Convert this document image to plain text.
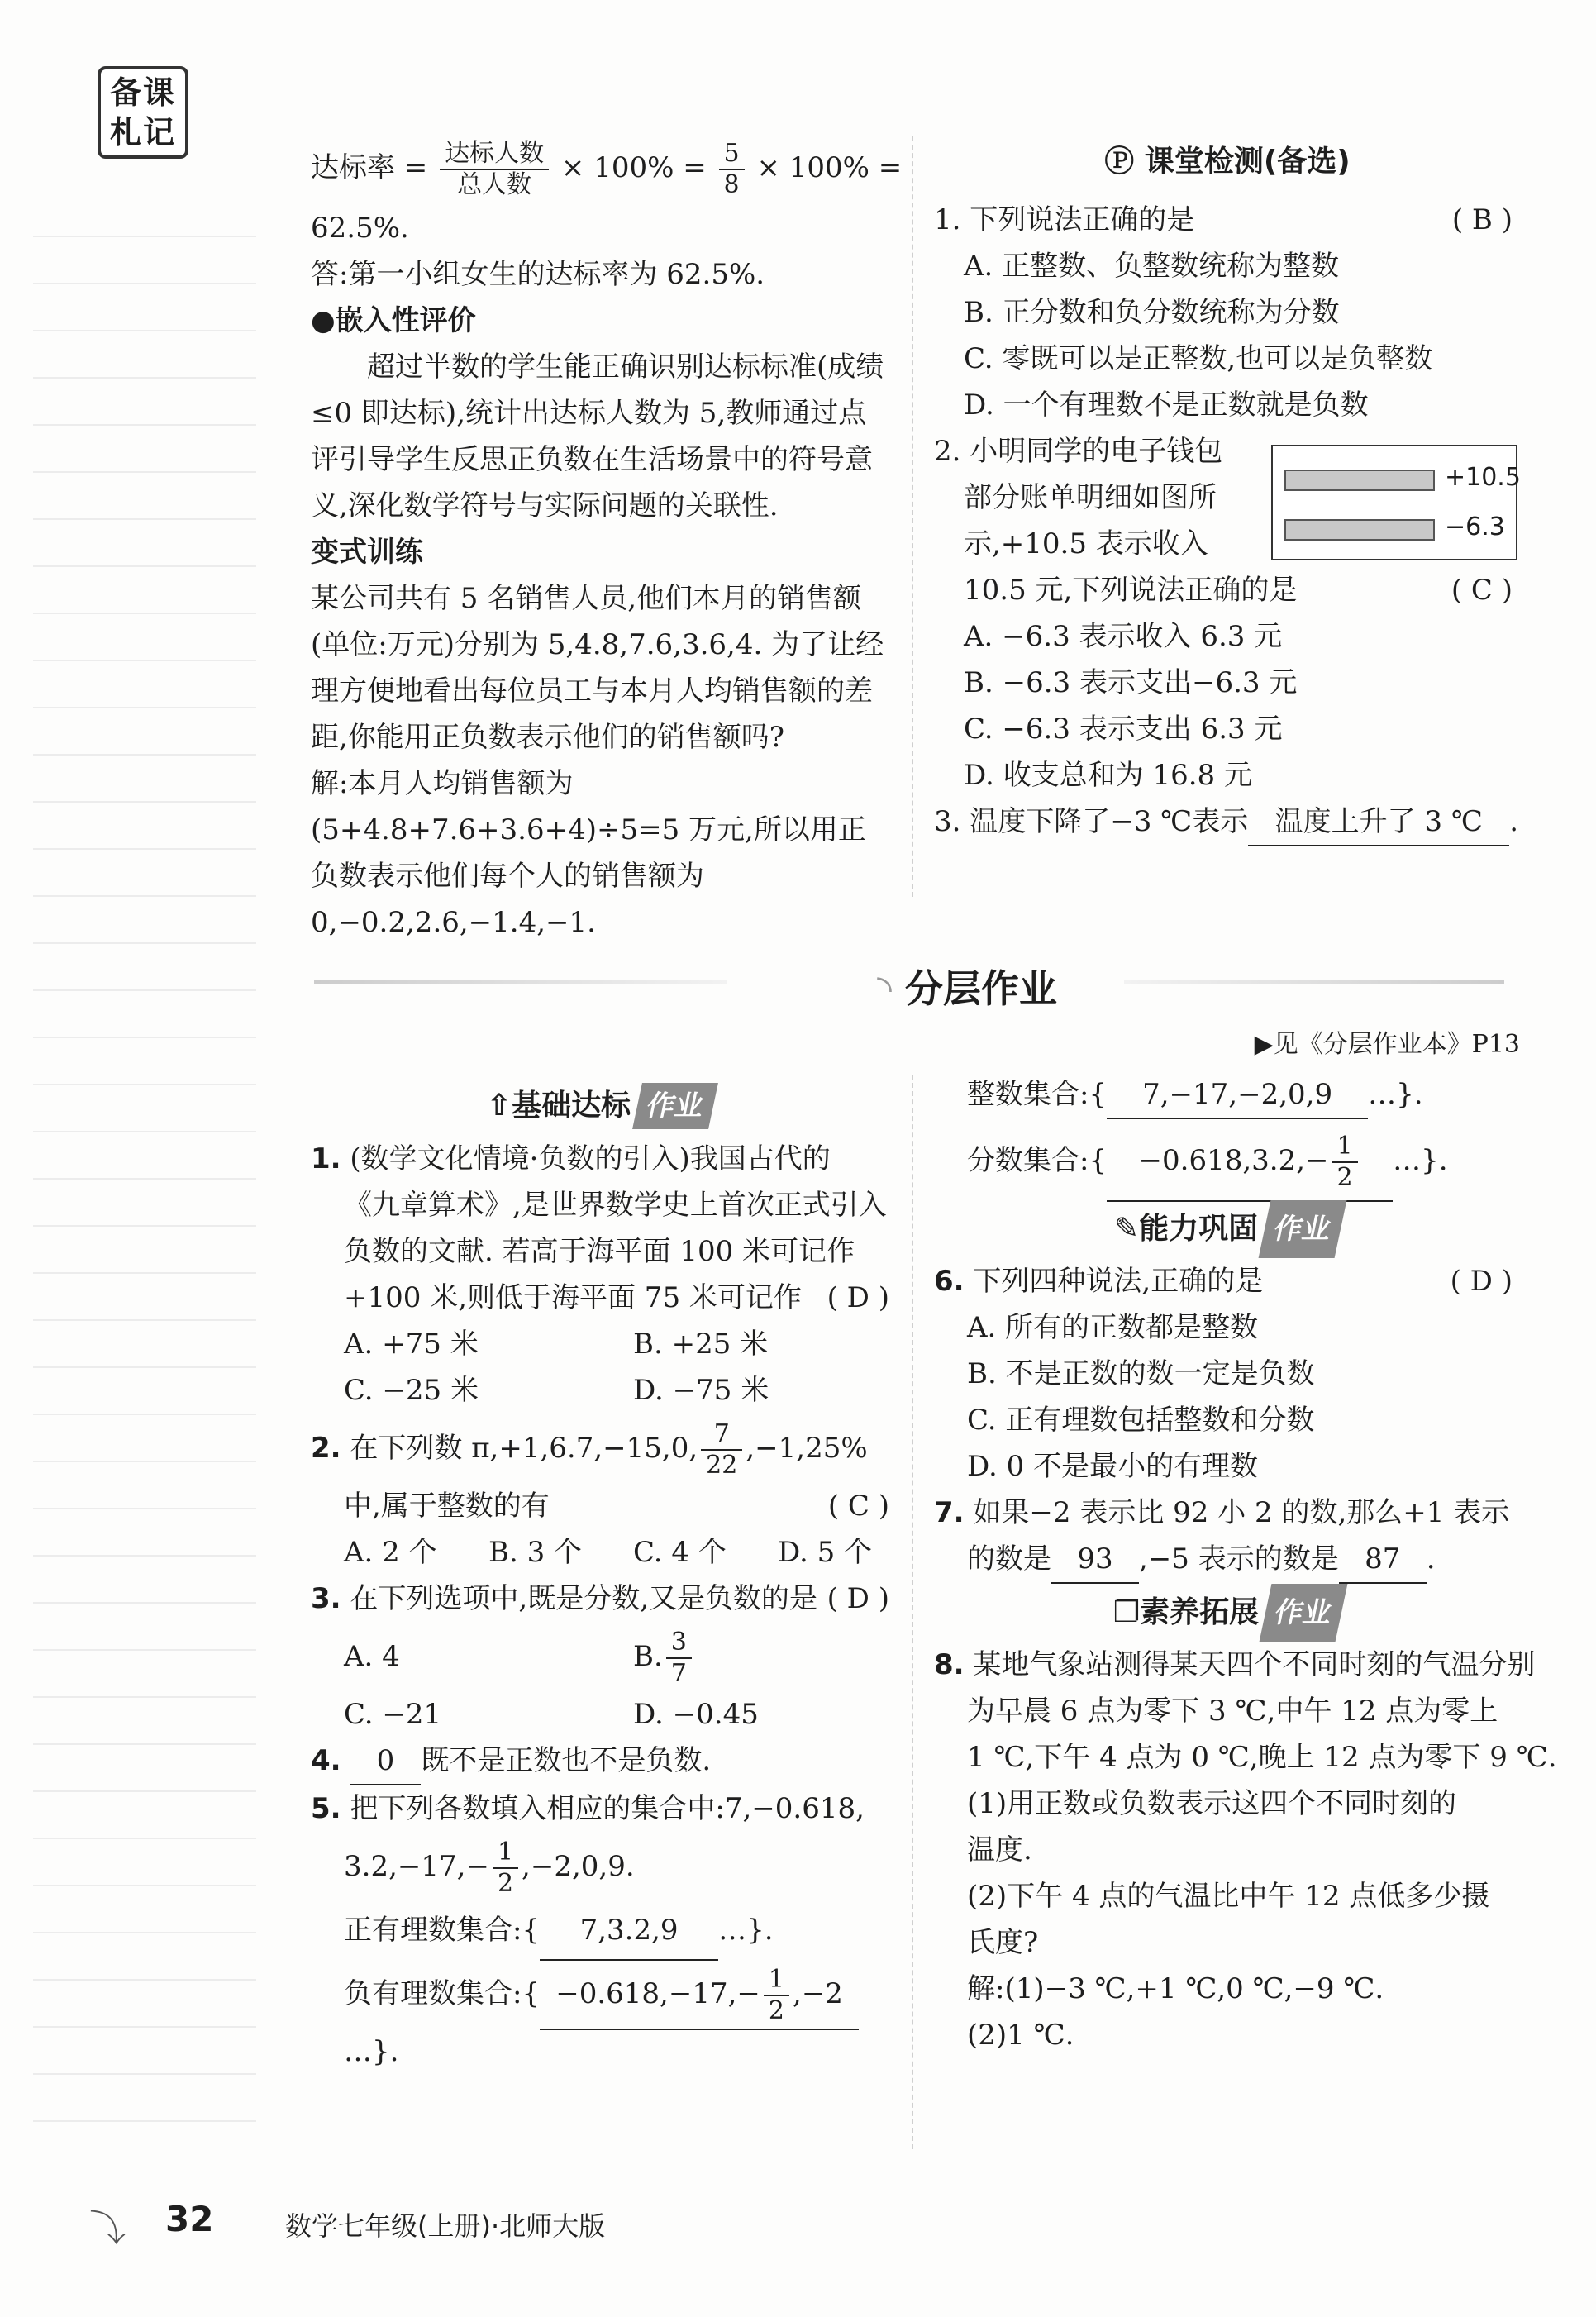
备课
札记
达标率 = $\frac{\text{达标人数}}{\text{总人数}} \times 100\% = \frac{5}{8} \times 100\%$ =
62.5%.
答:第一小组女生的达标率为 62.5%.
●嵌入性评价
超过半数的学生能正确识别达标标准(成绩≤0 即达标),统计出达标人数为 5,教师通过点评引导学生反思正负数在生活场景中的符号意义,深化数学符号与实际问题的关联性.
变式训练
某公司共有 5 名销售人员,他们本月的销售额(单位:万元)分别为 5,4.8,7.6,3.6,4. 为了让经理方便地看出每位员工与本月人均销售额的差距,你能用正负数表示他们的销售额吗?
解:本月人均销售额为(5+4.8+7.6+3.6+4)÷5=5 万元,所以用正负数表示他们每个人的销售额为 0,−0.2,2.6,−1.4,−1.
Ⓟ 课堂检测(备选)
1. 下列说法正确的是	( B )
A. 正整数、负整数统称为整数
B. 正分数和负分数统称为分数
C. 零既可以是正整数,也可以是负整数
D. 一个有理数不是正数就是负数
2. 小明同学的电子钱包
部分账单明细如图所
示,+10.5 表示收入
10.5 元,下列说法正确的是	( C )
A. −6.3 表示收入 6.3 元
B. −6.3 表示支出−6.3 元
C. −6.3 表示支出 6.3 元
D. 收支总和为 16.8 元
3. 温度下降了−3 ℃表示 温度上升了 3 ℃ .
+10.5
−6.3
◝ 分层作业
▶见《分层作业本》P13
⇧基础达标 作业
1. (数学文化情境·负数的引入)我国古代的
《九章算术》,是世界数学史上首次正式引入
负数的文献. 若高于海平面 100 米可记作
+100 米,则低于海平面 75 米可记作 ( D )
A. +75 米	B. +25 米
C. −25 米	D. −75 米
2. 在下列数 π,+1,6.7,−15,0, $\frac{7}{22} ,-1,25\%$
中,属于整数的有	( C )
A. 2 个 B. 3 个 C. 4 个 D. 5 个
3. 在下列选项中,既是分数,又是负数的是 ( D )
A. 4	B. $\frac{3}{7}$
C. −21	D. −0.45
4. 0 既不是正数也不是负数.
5. 把下列各数填入相应的集合中:7,−0.618,
$3.2,-17,- \frac{1}{2} ,-2,0,9$.
正有理数集合:{ 7,3.2,9 …}.
负有理数集合:{ $-0.618,-17,- \frac{1}{2} ,-2$
…}.
整数集合:{ 7,−17,−2,0,9 …}.
分数集合:{ $-0.618,3.2,- \frac{1}{2}$ …}.
✎能力巩固 作业
6. 下列四种说法,正确的是	( D )
A. 所有的正数都是整数
B. 不是正数的数一定是负数
C. 正有理数包括整数和分数
D. 0 不是最小的有理数
7. 如果−2 表示比 92 小 2 的数,那么+1 表示
的数是 93 ,−5 表示的数是 87 .
❐素养拓展 作业
8. 某地气象站测得某天四个不同时刻的气温分别
为早晨 6 点为零下 3 ℃,中午 12 点为零上
1 ℃,下午 4 点为 0 ℃,晚上 12 点为零下 9 ℃.
(1)用正数或负数表示这四个不同时刻的
温度.
(2)下午 4 点的气温比中午 12 点低多少摄
氏度?
解:(1)−3 ℃,+1 ℃,0 ℃,−9 ℃.
(2)1 ℃.
⤵ 32	数学七年级(上册)·北师大版
